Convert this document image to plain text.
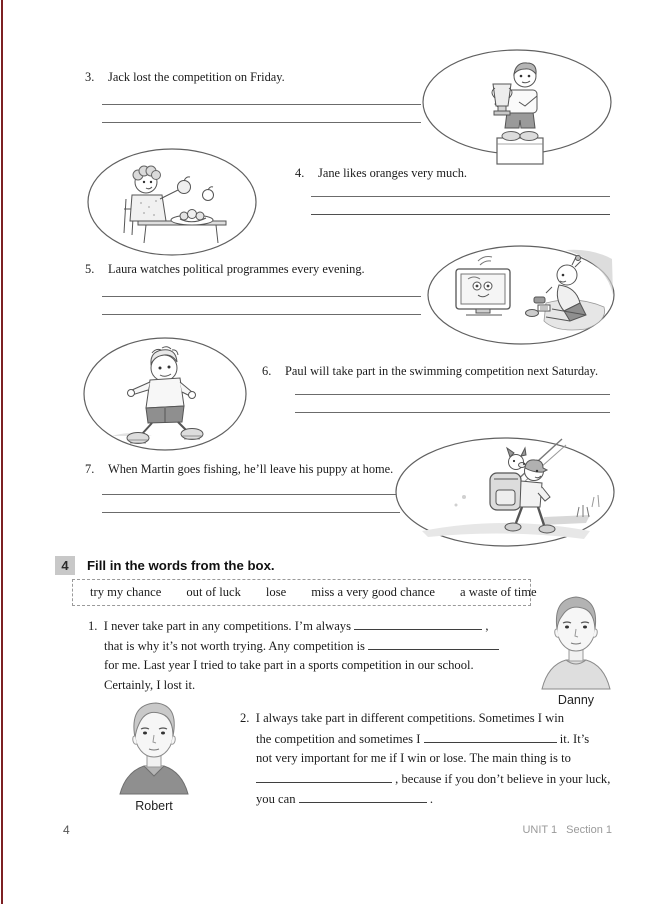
3.	Jack lost the competition on Friday.
4.	Jane likes oranges very much.
5.	Laura watches political programmes every evening.
6.	Paul will take part in the swimming competition next Saturday.
7.	When Martin goes fishing, he’ll leave his puppy at home.
4	Fill in the words from the box.
try my chance out of luck lose miss a very good chance a waste of time
1. I never take part in any competitions. I’m always	,
that is why it’s not worth trying. Any competition is
for me. Last year I tried to take part in a sports competition in our school.
Certainly, I lost it.
Danny
Robert
2. I always take part in different competitions. Sometimes I win
the competition and sometimes I	it. It’s
not very important for me if I win or lose. The main thing is to
, because if you don’t believe in your luck,
you can	.
4	UNIT 1 Section 1
